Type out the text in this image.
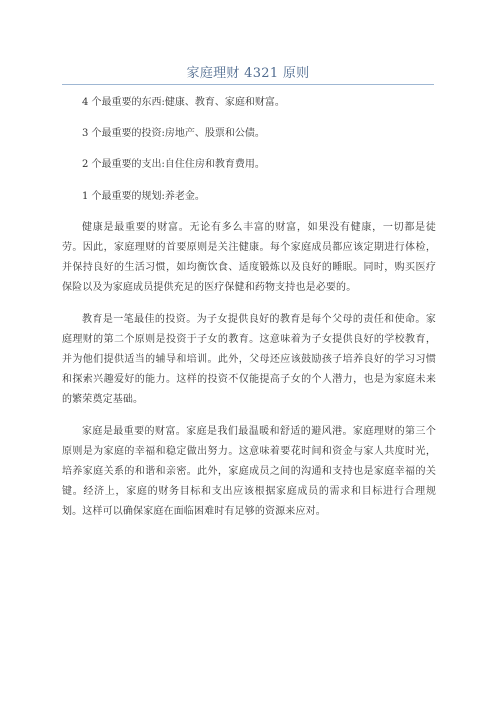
家庭理财 4321 原则

4 个最重要的东西:健康、教育、家庭和财富。

3 个最重要的投资:房地产、股票和公债。

2 个最重要的支出:自住住房和教育费用。

1 个最重要的规划:养老金。

健康是最重要的财富。无论有多么丰富的财富，如果没有健康，一切都是徒劳。因此，家庭理财的首要原则是关注健康。每个家庭成员都应该定期进行体检，并保持良好的生活习惯，如均衡饮食、适度锻炼以及良好的睡眠。同时，购买医疗保险以及为家庭成员提供充足的医疗保健和药物支持也是必要的。

教育是一笔最佳的投资。为子女提供良好的教育是每个父母的责任和使命。家庭理财的第二个原则是投资于子女的教育。这意味着为子女提供良好的学校教育，并为他们提供适当的辅导和培训。此外，父母还应该鼓励孩子培养良好的学习习惯和探索兴趣爱好的能力。这样的投资不仅能提高子女的个人潜力，也是为家庭未来的繁荣奠定基础。

家庭是最重要的财富。家庭是我们最温暖和舒适的避风港。家庭理财的第三个原则是为家庭的幸福和稳定做出努力。这意味着要花时间和资金与家人共度时光，培养家庭关系的和谐和亲密。此外，家庭成员之间的沟通和支持也是家庭幸福的关键。经济上，家庭的财务目标和支出应该根据家庭成员的需求和目标进行合理规划。这样可以确保家庭在面临困难时有足够的资源来应对。
